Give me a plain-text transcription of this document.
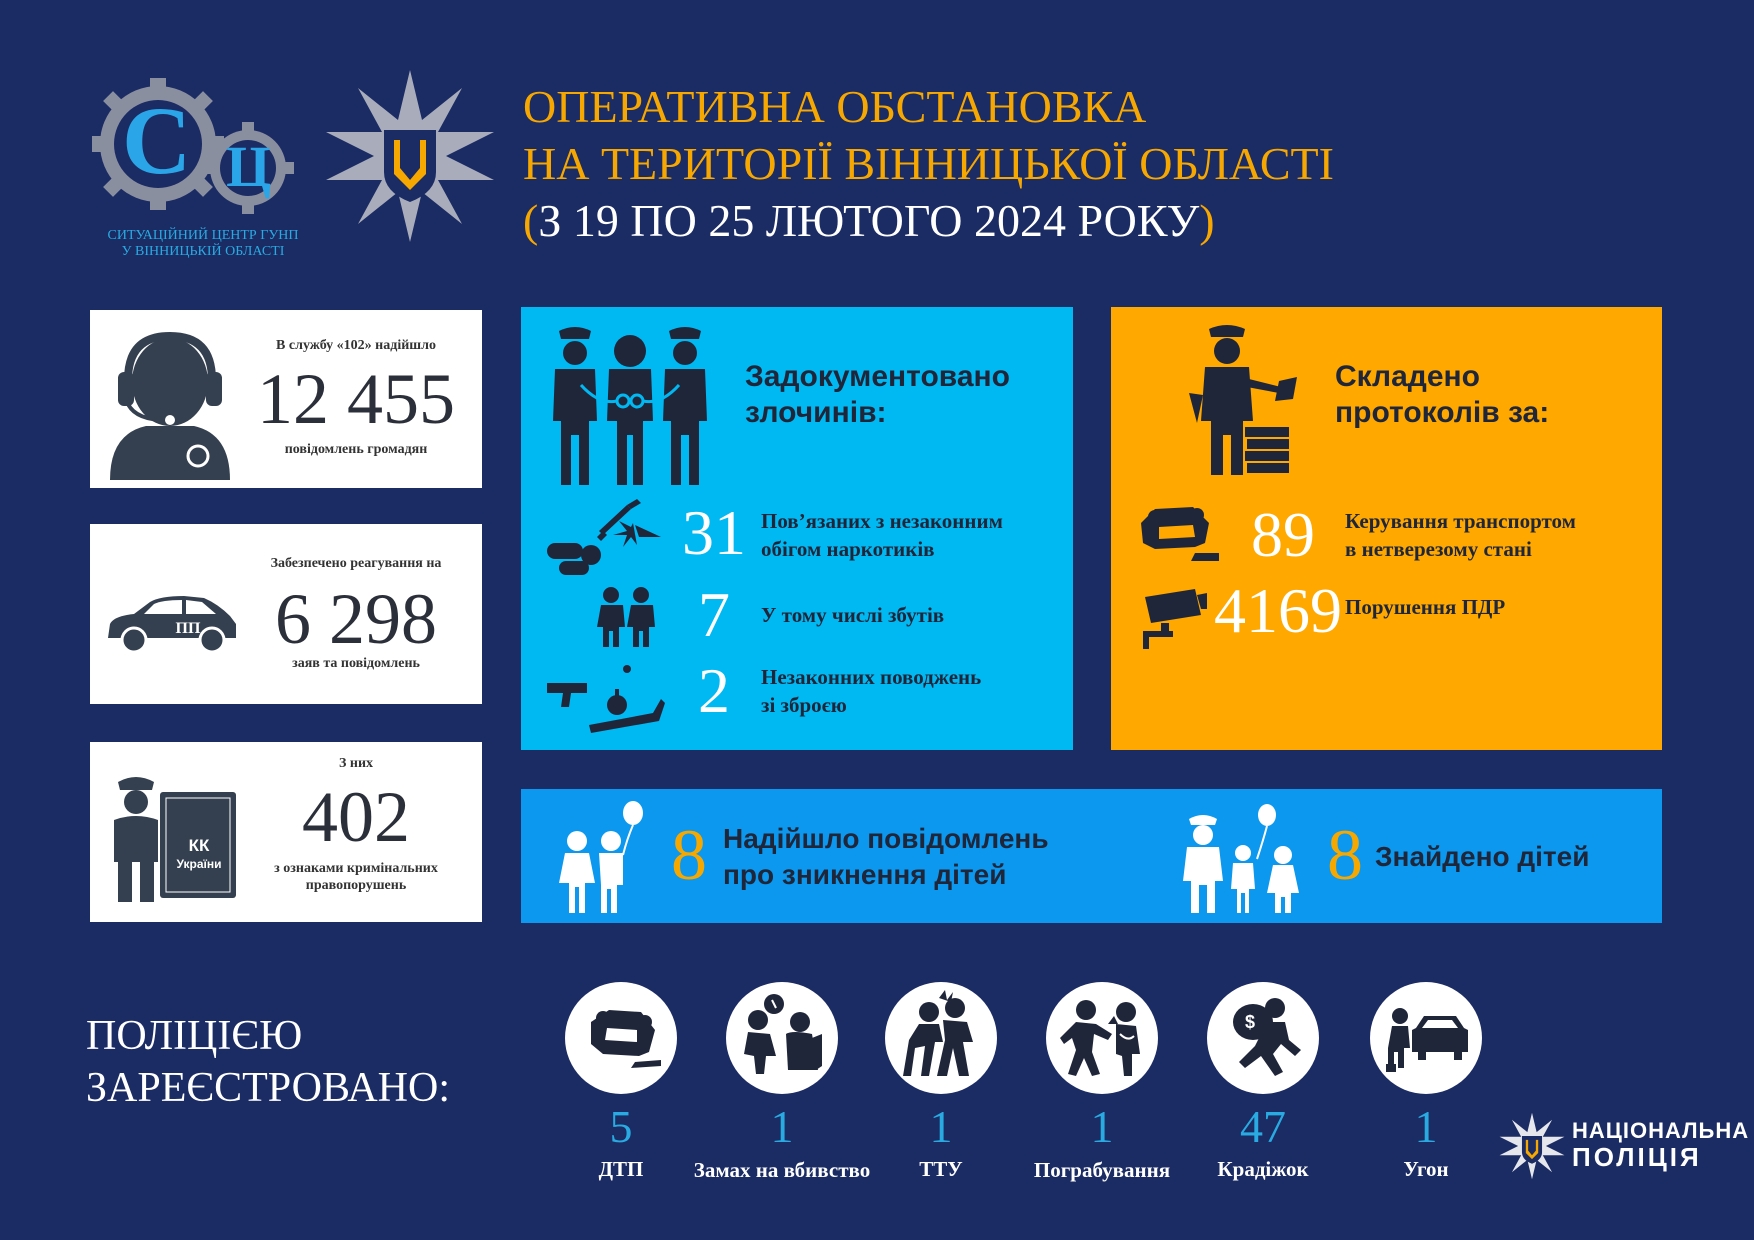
С Ц
СИТУАЦІЙНИЙ ЦЕНТР ГУНП
У ВІННИЦЬКІЙ ОБЛАСТІ
ОПЕРАТИВНА ОБСТАНОВКА
НА ТЕРИТОРІЇ ВІННИЦЬКОЇ ОБЛАСТІ
(З 19 ПО 25 ЛЮТОГО 2024 РОКУ)
В службу «102» надійшло
12 455
повідомлень громадян
ПП
Забезпечено реагування на
6 298
заяв та повідомлень
КК
України
З них
402
з ознаками кримінальних
правопорушень
Задокументовано
злочинів:
31 Пов’язаних з незаконним
обігом наркотиків
7	У тому числі збутів
2	Незаконних поводжень
зі зброєю
Складено
протоколів за:
89	Керування транспортом
в нетверезому стані
4169 Порушення ПДР
8 Надійшло повідомлень
про зникнення дітей	8 Знайдено дітей
ПОЛІЦІЄЮ
ЗАРЕЄСТРОВАНО:
5
ДТП
1
Замах на вбивство
1
ТТУ
1
Пограбування
$
47
Крадіжок
1
Угон
НАЦІОНАЛЬНА
ПОЛІЦІЯ
